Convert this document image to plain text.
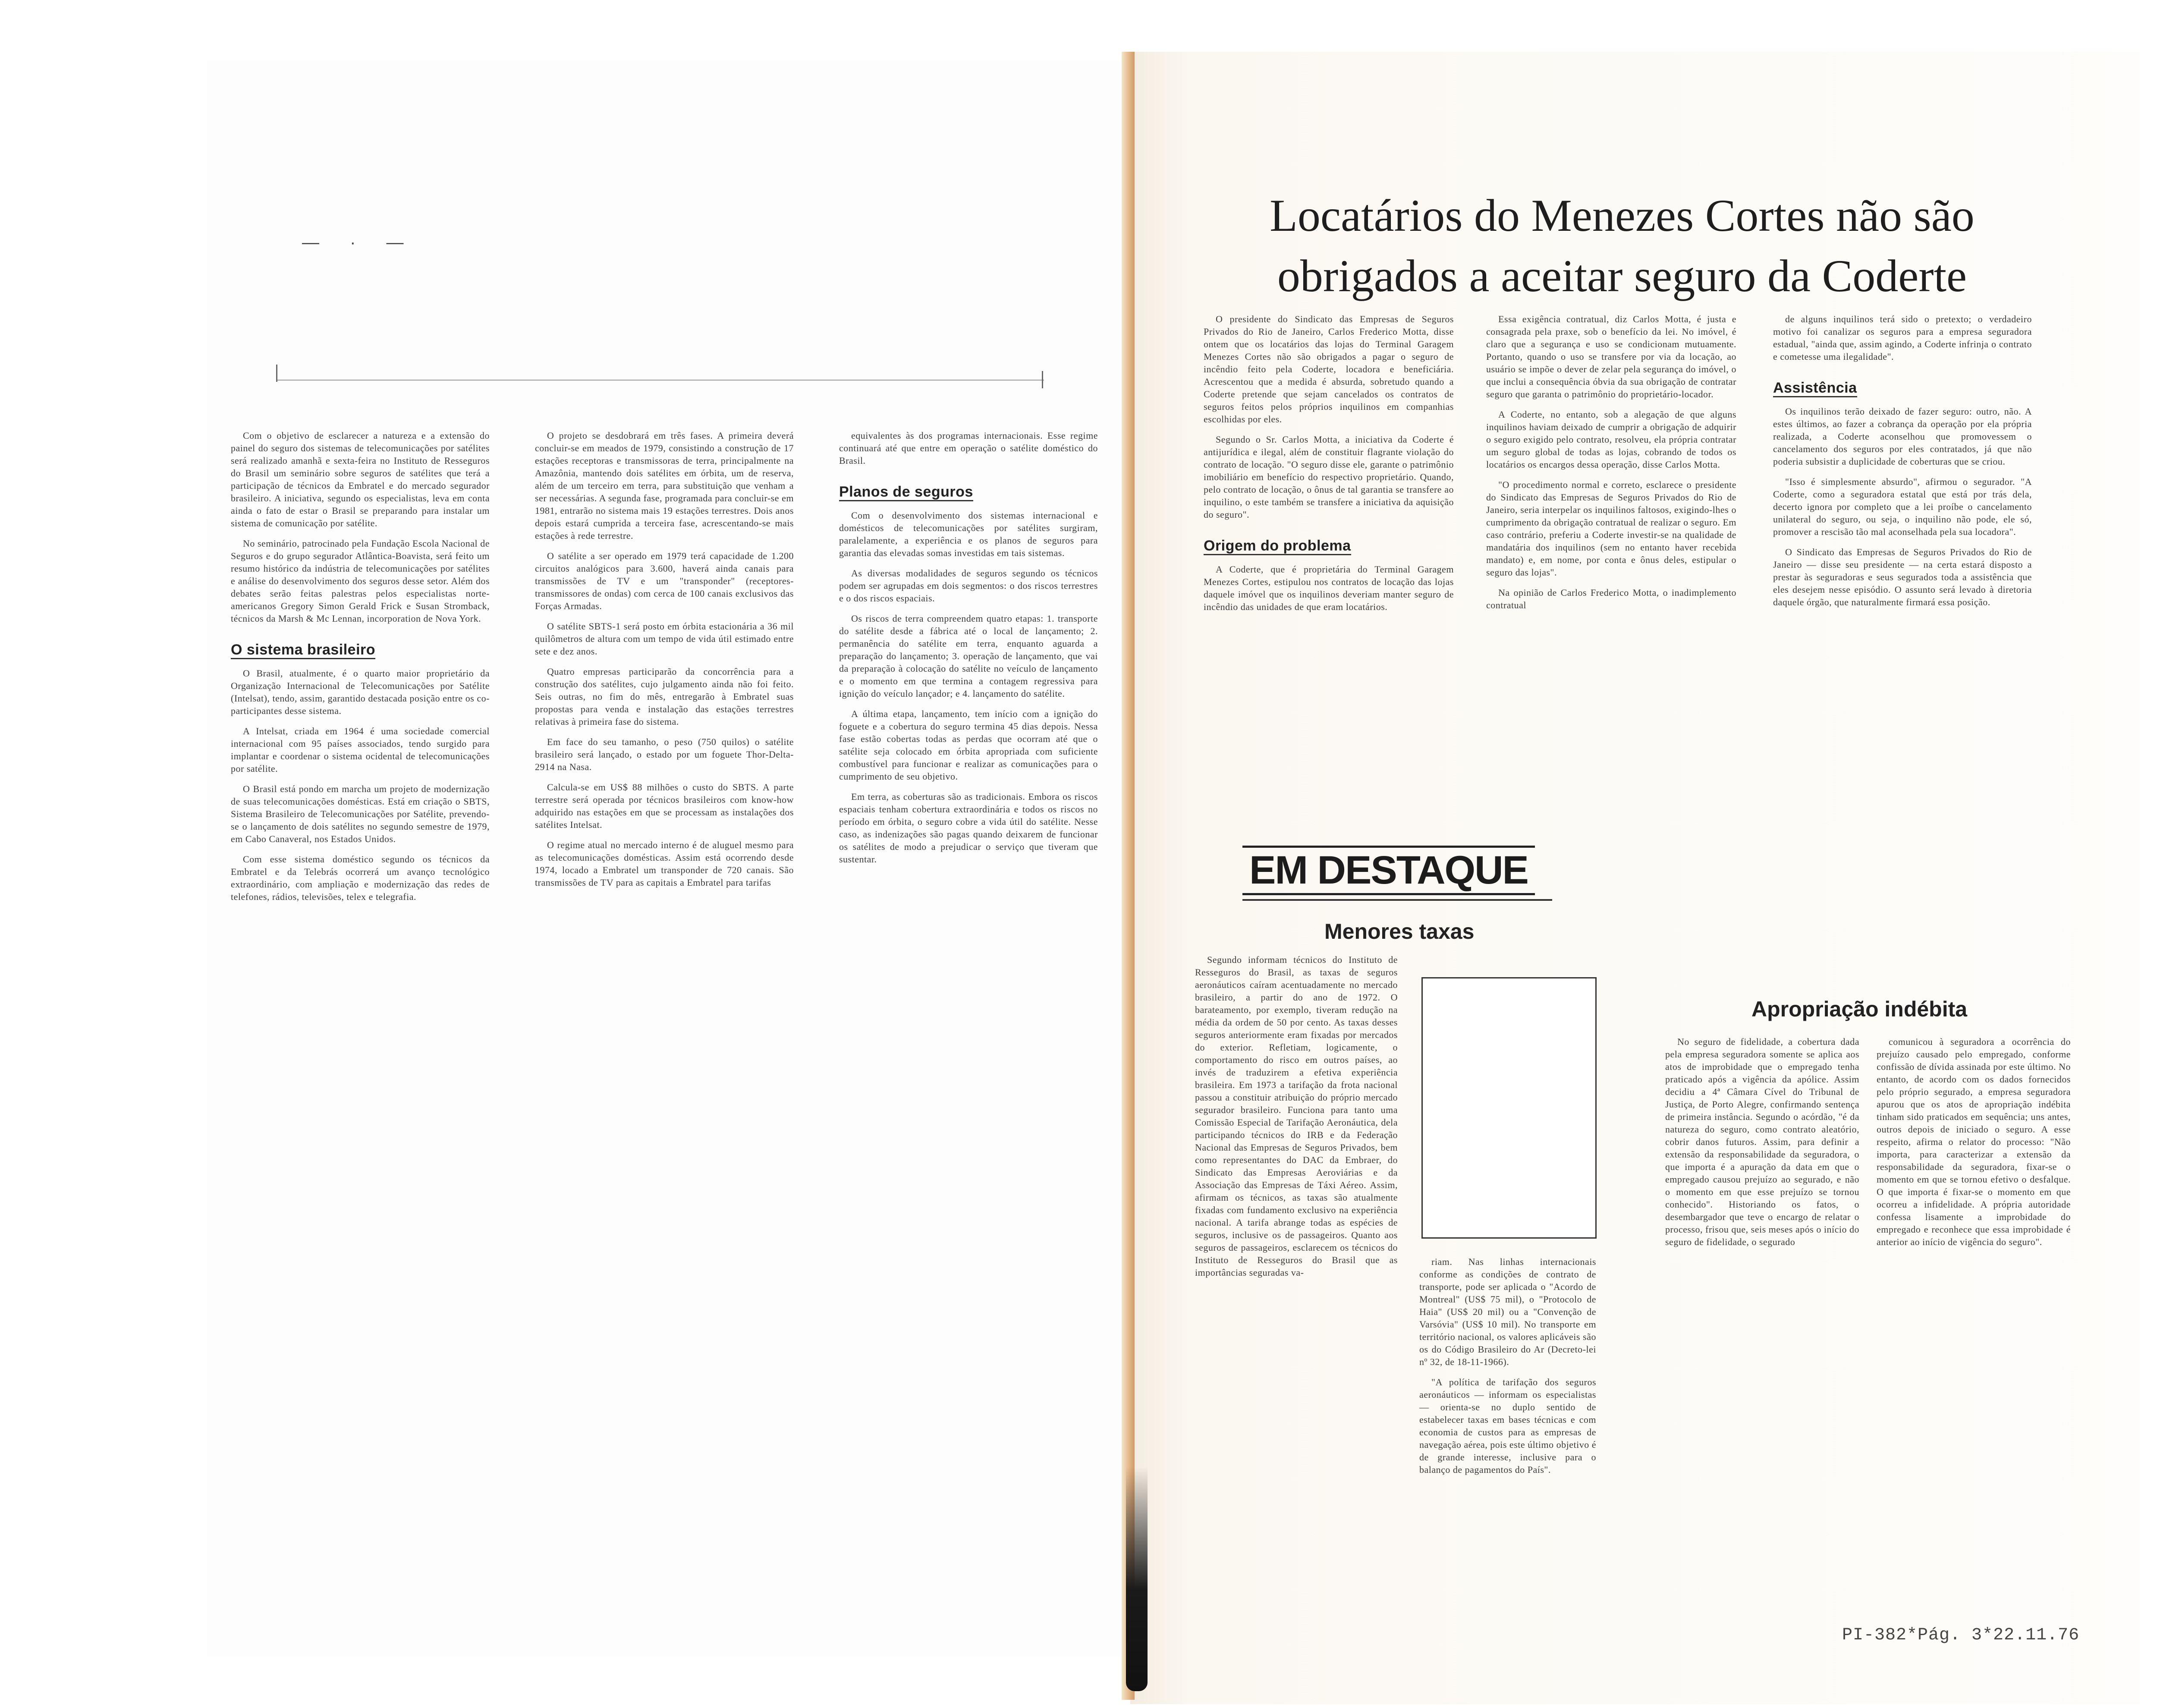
— · —

Com o objetivo de esclarecer a natureza e a extensão do painel do seguro dos sistemas de telecomunicações por satélites será realizado amanhã e sexta-feira no Instituto de Resseguros do Brasil um seminário sobre seguros de satélites que terá a participação de técnicos da Embratel e do mercado segurador brasileiro. A iniciativa, segundo os especialistas, leva em conta ainda o fato de estar o Brasil se preparando para instalar um sistema de comunicação por satélite.

No seminário, patrocinado pela Fundação Escola Nacional de Seguros e do grupo segurador Atlântica-Boavista, será feito um resumo histórico da indústria de telecomunicações por satélites e análise do desenvolvimento dos seguros desse setor. Além dos debates serão feitas palestras pelos especialistas norte-americanos Gregory Simon Gerald Frick e Susan Stromback, técnicos da Marsh & Mc Lennan, incorporation de Nova York.

O sistema brasileiro

O Brasil, atualmente, é o quarto maior proprietário da Organização Internacional de Telecomunicações por Satélite (Intelsat), tendo, assim, garantido destacada posição entre os co-participantes desse sistema.

A Intelsat, criada em 1964 é uma sociedade comercial internacional com 95 países associados, tendo surgido para implantar e coordenar o sistema ocidental de telecomunicações por satélite.

O Brasil está pondo em marcha um projeto de modernização de suas telecomunicações domésticas. Está em criação o SBTS, Sistema Brasileiro de Telecomunicações por Satélite, prevendo-se o lançamento de dois satélites no segundo semestre de 1979, em Cabo Canaveral, nos Estados Unidos.

Com esse sistema doméstico segundo os técnicos da Embratel e da Telebrás ocorrerá um avanço tecnológico extraordinário, com ampliação e modernização das redes de telefones, rádios, televisões, telex e telegrafia.

O projeto se desdobrará em três fases. A primeira deverá concluir-se em meados de 1979, consistindo a construção de 17 estações receptoras e transmissoras de terra, principalmente na Amazônia, mantendo dois satélites em órbita, um de reserva, além de um terceiro em terra, para substituição que venham a ser necessárias. A segunda fase, programada para concluir-se em 1981, entrarão no sistema mais 19 estações terrestres. Dois anos depois estará cumprida a terceira fase, acrescentando-se mais estações à rede terrestre.

O satélite a ser operado em 1979 terá capacidade de 1.200 circuitos analógicos para 3.600, haverá ainda canais para transmissões de TV e um "transponder" (receptores-transmissores de ondas) com cerca de 100 canais exclusivos das Forças Armadas.

O satélite SBTS-1 será posto em órbita estacionária a 36 mil quilômetros de altura com um tempo de vida útil estimado entre sete e dez anos.

Quatro empresas participarão da concorrência para a construção dos satélites, cujo julgamento ainda não foi feito. Seis outras, no fim do mês, entregarão à Embratel suas propostas para venda e instalação das estações terrestres relativas à primeira fase do sistema.

Em face do seu tamanho, o peso (750 quilos) o satélite brasileiro será lançado, o estado por um foguete Thor-Delta-2914 na Nasa.

Calcula-se em US$ 88 milhões o custo do SBTS. A parte terrestre será operada por técnicos brasileiros com know-how adquirido nas estações em que se processam as instalações dos satélites Intelsat.

O regime atual no mercado interno é de aluguel mesmo para as telecomunicações domésticas. Assim está ocorrendo desde 1974, locado a Embratel um transponder de 720 canais. São transmissões de TV para as capitais a Embratel para tarifas

equivalentes às dos programas internacionais. Esse regime continuará até que entre em operação o satélite doméstico do Brasil.

Planos de seguros

Com o desenvolvimento dos sistemas internacional e domésticos de telecomunicações por satélites surgiram, paralelamente, a experiência e os planos de seguros para garantia das elevadas somas investidas em tais sistemas.

As diversas modalidades de seguros segundo os técnicos podem ser agrupadas em dois segmentos: o dos riscos terrestres e o dos riscos espaciais.

Os riscos de terra compreendem quatro etapas: 1. transporte do satélite desde a fábrica até o local de lançamento; 2. permanência do satélite em terra, enquanto aguarda a preparação do lançamento; 3. operação de lançamento, que vai da preparação à colocação do satélite no veículo de lançamento e o momento em que termina a contagem regressiva para ignição do veículo lançador; e 4. lançamento do satélite.

A última etapa, lançamento, tem início com a ignição do foguete e a cobertura do seguro termina 45 dias depois. Nessa fase estão cobertas todas as perdas que ocorram até que o satélite seja colocado em órbita apropriada com suficiente combustível para funcionar e realizar as comunicações para o cumprimento de seu objetivo.

Em terra, as coberturas são as tradicionais. Embora os riscos espaciais tenham cobertura extraordinária e todos os riscos no período em órbita, o seguro cobre a vida útil do satélite. Nesse caso, as indenizações são pagas quando deixarem de funcionar os satélites de modo a prejudicar o serviço que tiveram que sustentar.

Locatários do Menezes Cortes não são
obrigados a aceitar seguro da Coderte

O presidente do Sindicato das Empresas de Seguros Privados do Rio de Janeiro, Carlos Frederico Motta, disse ontem que os locatários das lojas do Terminal Garagem Menezes Cortes não são obrigados a pagar o seguro de incêndio feito pela Coderte, locadora e beneficiária. Acrescentou que a medida é absurda, sobretudo quando a Coderte pretende que sejam cancelados os contratos de seguros feitos pelos próprios inquilinos em companhias escolhidas por eles.

Segundo o Sr. Carlos Motta, a iniciativa da Coderte é antijurídica e ilegal, além de constituir flagrante violação do contrato de locação. "O seguro disse ele, garante o patrimônio imobiliário em benefício do respectivo proprietário. Quando, pelo contrato de locação, o ônus de tal garantia se transfere ao inquilino, o este também se transfere a iniciativa da aquisição do seguro".

Origem do problema

A Coderte, que é proprietária do Terminal Garagem Menezes Cortes, estipulou nos contratos de locação das lojas daquele imóvel que os inquilinos deveriam manter seguro de incêndio das unidades de que eram locatários.

Essa exigência contratual, diz Carlos Motta, é justa e consagrada pela praxe, sob o benefício da lei. No imóvel, é claro que a segurança e uso se condicionam mutuamente. Portanto, quando o uso se transfere por via da locação, ao usuário se impõe o dever de zelar pela segurança do imóvel, o que inclui a consequência óbvia da sua obrigação de contratar seguro que garanta o patrimônio do proprietário-locador.

A Coderte, no entanto, sob a alegação de que alguns inquilinos haviam deixado de cumprir a obrigação de adquirir o seguro exigido pelo contrato, resolveu, ela própria contratar um seguro global de todas as lojas, cobrando de todos os locatários os encargos dessa operação, disse Carlos Motta.

"O procedimento normal e correto, esclarece o presidente do Sindicato das Empresas de Seguros Privados do Rio de Janeiro, seria interpelar os inquilinos faltosos, exigindo-lhes o cumprimento da obrigação contratual de realizar o seguro. Em caso contrário, preferiu a Coderte investir-se na qualidade de mandatária dos inquilinos (sem no entanto haver recebida mandato) e, em nome, por conta e ônus deles, estipular o seguro das lojas".

Na opinião de Carlos Frederico Motta, o inadimplemento contratual

de alguns inquilinos terá sido o pretexto; o verdadeiro motivo foi canalizar os seguros para a empresa seguradora estadual, "ainda que, assim agindo, a Coderte infrinja o contrato e cometesse uma ilegalidade".

Assistência

Os inquilinos terão deixado de fazer seguro: outro, não. A estes últimos, ao fazer a cobrança da operação por ela própria realizada, a Coderte aconselhou que promovessem o cancelamento dos seguros por eles contratados, já que não poderia subsistir a duplicidade de coberturas que se criou.

"Isso é simplesmente absurdo", afirmou o segurador. "A Coderte, como a seguradora estatal que está por trás dela, decerto ignora por completo que a lei proíbe o cancelamento unilateral do seguro, ou seja, o inquilino não pode, ele só, promover a rescisão tão mal aconselhada pela sua locadora".

O Sindicato das Empresas de Seguros Privados do Rio de Janeiro — disse seu presidente — na certa estará disposto a prestar às seguradoras e seus segurados toda a assistência que eles desejem nesse episódio. O assunto será levado à diretoria daquele órgão, que naturalmente firmará essa posição.

EM DESTAQUE
Menores taxas

Segundo informam técnicos do Instituto de Resseguros do Brasil, as taxas de seguros aeronáuticos caíram acentuadamente no mercado brasileiro, a partir do ano de 1972. O barateamento, por exemplo, tiveram redução na média da ordem de 50 por cento. As taxas desses seguros anteriormente eram fixadas por mercados do exterior. Refletiam, logicamente, o comportamento do risco em outros países, ao invés de traduzirem a efetiva experiência brasileira. Em 1973 a tarifação da frota nacional passou a constituir atribuição do próprio mercado segurador brasileiro. Funciona para tanto uma Comissão Especial de Tarifação Aeronáutica, dela participando técnicos do IRB e da Federação Nacional das Empresas de Seguros Privados, bem como representantes do DAC da Embraer, do Sindicato das Empresas Aeroviárias e da Associação das Empresas de Táxi Aéreo. Assim, afirmam os técnicos, as taxas são atualmente fixadas com fundamento exclusivo na experiência nacional. A tarifa abrange todas as espécies de seguros, inclusive os de passageiros. Quanto aos seguros de passageiros, esclarecem os técnicos do Instituto de Resseguros do Brasil que as importâncias seguradas va-

riam. Nas linhas internacionais conforme as condições de contrato de transporte, pode ser aplicada o "Acordo de Montreal" (US$ 75 mil), o "Protocolo de Haia" (US$ 20 mil) ou a "Convenção de Varsóvia" (US$ 10 mil). No transporte em território nacional, os valores aplicáveis são os do Código Brasileiro do Ar (Decreto-lei nº 32, de 18-11-1966).

"A política de tarifação dos seguros aeronáuticos — informam os especialistas — orienta-se no duplo sentido de estabelecer taxas em bases técnicas e com economia de custos para as empresas de navegação aérea, pois este último objetivo é de grande interesse, inclusive para o balanço de pagamentos do País".

Apropriação indébita

No seguro de fidelidade, a cobertura dada pela empresa seguradora somente se aplica aos atos de improbidade que o empregado tenha praticado após a vigência da apólice. Assim decidiu a 4ª Câmara Cível do Tribunal de Justiça, de Porto Alegre, confirmando sentença de primeira instância. Segundo o acórdão, "é da natureza do seguro, como contrato aleatório, cobrir danos futuros. Assim, para definir a extensão da responsabilidade da seguradora, o que importa é a apuração da data em que o empregado causou prejuízo ao segurado, e não o momento em que esse prejuízo se tornou conhecido". Historiando os fatos, o desembargador que teve o encargo de relatar o processo, frisou que, seis meses após o início do seguro de fidelidade, o segurado

comunicou à seguradora a ocorrência do prejuízo causado pelo empregado, conforme confissão de dívida assinada por este último. No entanto, de acordo com os dados fornecidos pelo próprio segurado, a empresa seguradora apurou que os atos de apropriação indébita tinham sido praticados em sequência; uns antes, outros depois de iniciado o seguro. A esse respeito, afirma o relator do processo: "Não importa, para caracterizar a extensão da responsabilidade da seguradora, fixar-se o momento em que se tornou efetivo o desfalque. O que importa é fixar-se o momento em que ocorreu a infidelidade. A própria autoridade confessa lisamente a improbidade do empregado e reconhece que essa improbidade é anterior ao início de vigência do seguro".

PI-382*Pág. 3*22.11.76
